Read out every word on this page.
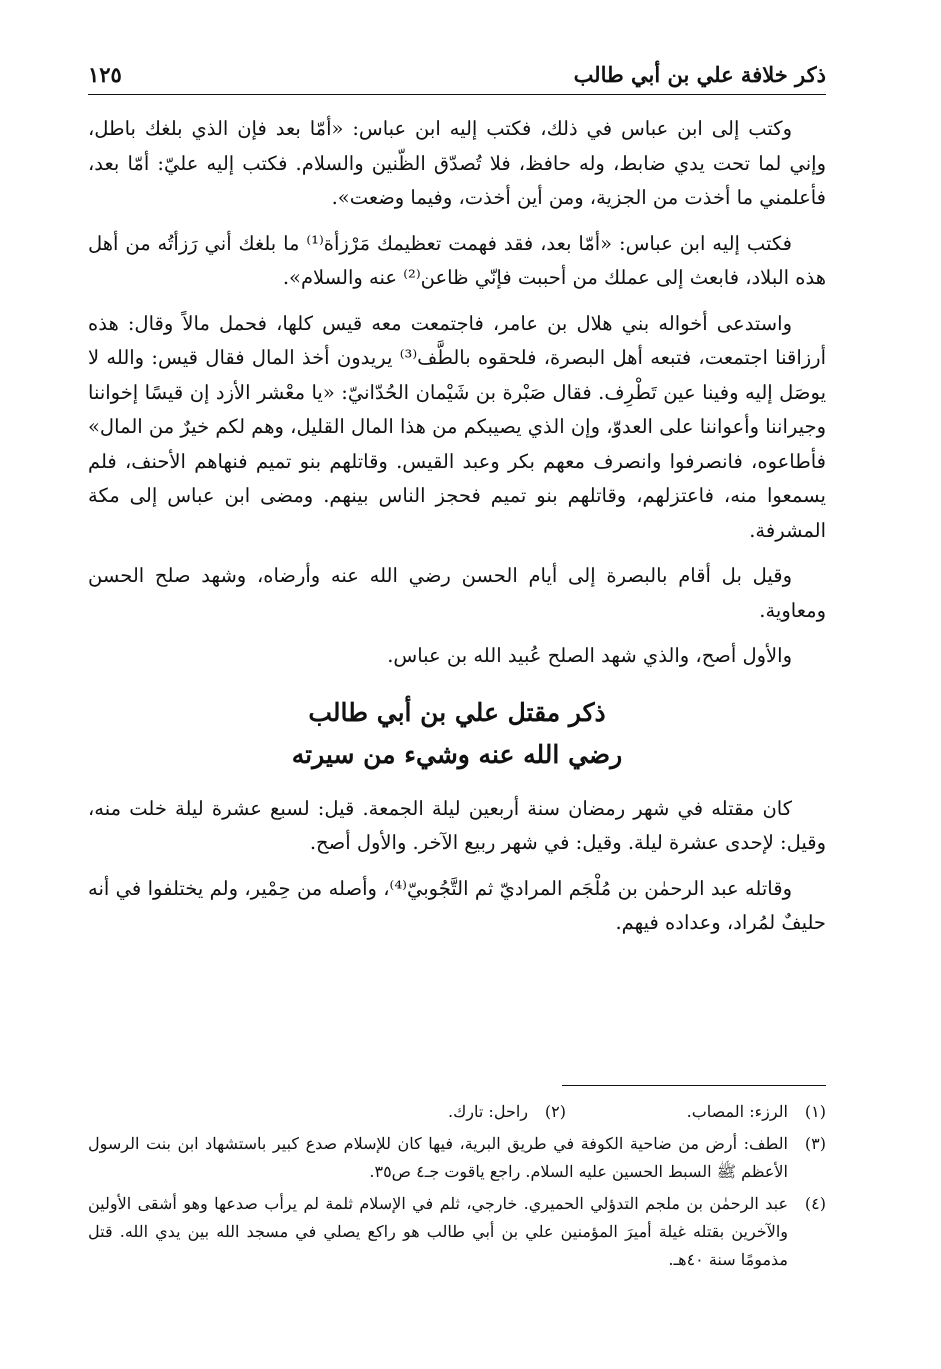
ذكر خلافة علي بن أبي طالب
١٢٥

وكتب إلى ابن عباس في ذلك، فكتب إليه ابن عباس: «أمّا بعد فإن الذي بلغك باطل، وإني لما تحت يدي ضابط، وله حافظ، فلا تُصدّق الظّنين والسلام. فكتب إليه عليّ: أمّا بعد، فأعلمني ما أخذت من الجزية، ومن أين أخذت، وفيما وضعت».

فكتب إليه ابن عباس: «أمّا بعد، فقد فهمت تعظيمك مَرْزأة⁽¹⁾ ما بلغك أني رَزأتُه من أهل هذه البلاد، فابعث إلى عملك من أحببت فإنّي ظاعن⁽²⁾ عنه والسلام».

واستدعى أخواله بني هلال بن عامر، فاجتمعت معه قيس كلها، فحمل مالاً وقال: هذه أرزاقنا اجتمعت، فتبعه أهل البصرة، فلحقوه بالطَّف⁽³⁾ يريدون أخذ المال فقال قيس: والله لا يوصَل إليه وفينا عين تَطْرِف. فقال صَبْرة بن شَيْمان الحُدّانيّ: «يا معْشر الأزد إن قيسًا إخواننا وجيراننا وأعواننا على العدوّ، وإن الذي يصيبكم من هذا المال القليل، وهم لكم خيرٌ من المال» فأطاعوه، فانصرفوا وانصرف معهم بكر وعبد القيس. وقاتلهم بنو تميم فنهاهم الأحنف، فلم يسمعوا منه، فاعتزلهم، وقاتلهم بنو تميم فحجز الناس بينهم. ومضى ابن عباس إلى مكة المشرفة.

وقيل بل أقام بالبصرة إلى أيام الحسن رضي الله عنه وأرضاه، وشهد صلح الحسن ومعاوية.

والأول أصح، والذي شهد الصلح عُبيد الله بن عباس.

ذكر مقتل علي بن أبي طالب
رضي الله عنه وشيء من سيرته

كان مقتله في شهر رمضان سنة أربعين ليلة الجمعة. قيل: لسبع عشرة ليلة خلت منه، وقيل: لإحدى عشرة ليلة. وقيل: في شهر ربيع الآخر. والأول أصح.

وقاتله عبد الرحمٰن بن مُلْجَم المراديّ ثم التَّجُوبيّ⁽⁴⁾، وأصله من حِمْير، ولم يختلفوا في أنه حليفٌ لمُراد، وعداده فيهم.

(١)
الرزء: المصاب.
(٢)
راحل: تارك.
(٣)
الطف: أرض من ضاحية الكوفة في طريق البرية، فيها كان للإسلام صدع كبير باستشهاد ابن بنت الرسول الأعظم ﷺ السبط الحسين عليه السلام. راجع ياقوت جـ٤ ص٣٥.
(٤)
عبد الرحمٰن بن ملجم التدؤلي الحميري. خارجي، ثلم في الإسلام ثلمة لم يرأب صدعها وهو أشقى الأولين والآخرين بقتله غيلة أميرَ المؤمنين علي بن أبي طالب هو راكع يصلي في مسجد الله بين يدي الله. قتل مذمومًا سنة ٤٠هـ.
